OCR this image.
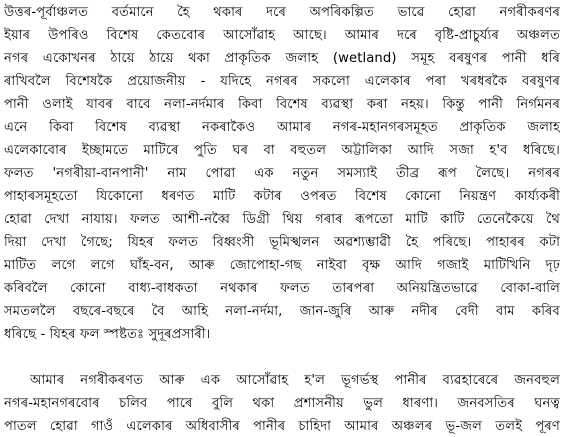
উত্তৰ-পূৰ্বাঞ্চলত বৰ্তমানে হৈ থকাৰ দৰে অপৰিকল্পিত ভাৱে হোৱা নগৰীকৰণৰ
ইয়াৰ উপৰিও বিশেষ কেতবোৰ আসোঁৱাহ আছে। আমাৰ দৰে বৃষ্টি-প্ৰাচুৰ্য্যৰ অঞ্চলত
নগৰ একোখনৰ ঠায়ে ঠায়ে থকা প্ৰাকৃতিক জলাহ (wetland) সমূহ বৰষুণৰ পানী ধৰি
ৰাখিবলৈ বিশেষকৈ প্ৰয়োজনীয় - যদিহে নগৰৰ সকলো এলেকাৰ পৰা খৰধৰকৈ বৰষুণৰ
পানী ওলাই যাবৰ বাবে নলা-নৰ্দমাৰ কিবা বিশেষ ব্যৱস্থা কৰা নহয়। কিন্তু পানী নিৰ্গমনৰ
এনে কিবা বিশেষ ব্যৱস্থা নকৰাকৈও আমাৰ নগৰ-মহানগৰসমূহত প্ৰাকৃতিক জলাহ
এলেকাবোৰ ইচ্ছামতে মাটিৰে পুতি ঘৰ বা বহুতল অট্টালিকা আদি সজা হ'ব ধৰিছে।
ফলত 'নগৰীয়া-বানপানী' নাম পোৱা এক নতুন সমস্যাই তীব্ৰ ৰূপ লৈছে। নগৰৰ
পাহাৰসমূহতো যিকোনো ধৰণত মাটি কটাৰ ওপৰত বিশেষ কোনো নিয়ন্ত্ৰণ কাৰ্য্যকৰী
হোৱা দেখা নাযায়। ফলত আশী-নব্বৈ ডিগ্ৰী থিয় গৰাৰ ৰূপতো মাটি কাটি তেনেকৈয়ে থৈ
দিয়া দেখা গৈছে; যিহৰ ফলত বিধ্বংসী ভূমিস্খলন অৱশ্যম্ভাৱী হৈ পৰিছে। পাহাৰৰ কটা
মাটিত লগে লগে ঘাঁহ-বন, আৰু জোপোহা-গছ নাইবা বৃক্ষ আদি গজাই মাটিখিনি দৃঢ়
কৰিবলৈ কোনো বাধ্য-বাধকতা নথকাৰ ফলত তাৰপৰা অনিয়ন্ত্ৰিতভাৱে বোকা-বালি
সমতললৈ বছৰে-বছৰে বৈ আহি নলা-নৰ্দমা, জান-জুৰি আৰু নদীৰ বেদী বাম কৰিব
ধৰিছে - যিহৰ ফল স্পষ্টতঃ সুদূৰপ্ৰসাৰী।
আমাৰ নগৰীকৰণত আৰু এক আসোঁৱাহ হ'ল ভূগৰ্ভস্থ পানীৰ ব্যৱহাৰেৰে জনবহুল
নগৰ-মহানগৰবোৰ চলিব পাৰে বুলি থকা প্ৰশাসনীয় ভুল ধাৰণা। জনবসতিৰ ঘনত্ব
পাতল হোৱা গাওঁ এলেকাৰ অধিবাসীৰ পানীৰ চাহিদা আমাৰ অঞ্চলৰ ভূ-জল তলই পূৰণ
